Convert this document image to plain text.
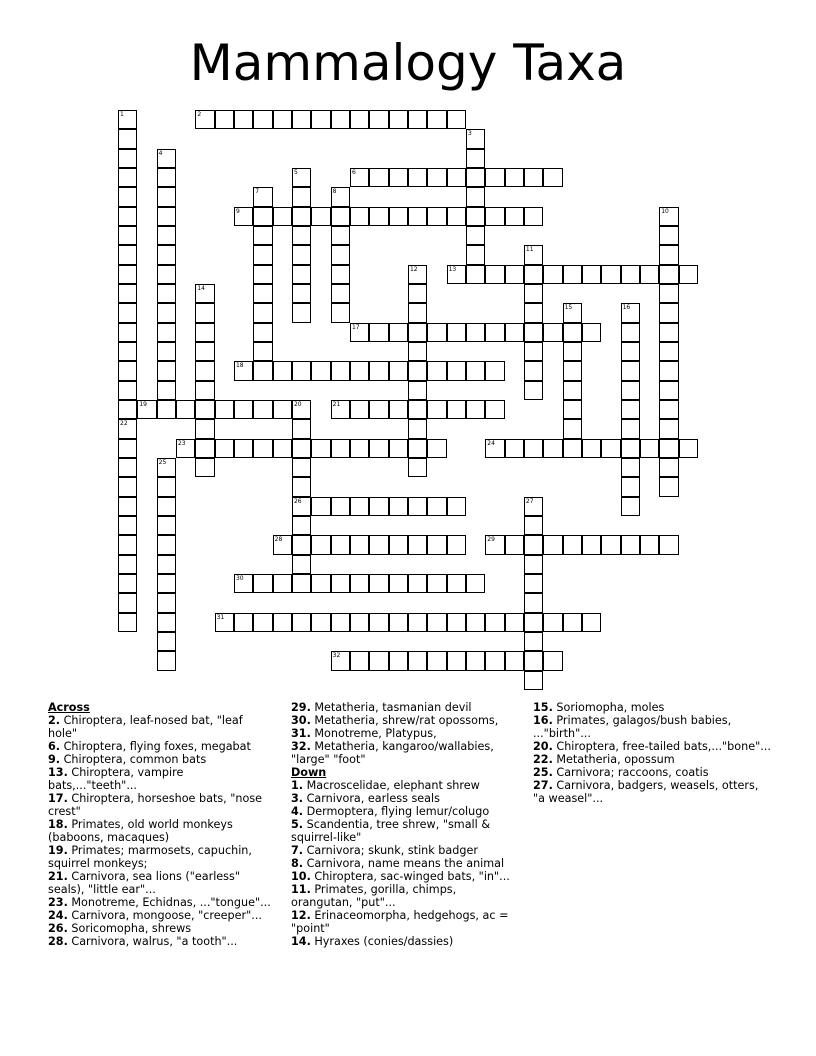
Mammalogy Taxa
1
22
2
3
4
5	6
7	8
9	10
11
12	13
14
15	16
17
18
19	20
26
21
23	24
25
27
28	29
30
31
32
Across
2. Chiroptera, leaf-nosed bat, "leaf hole"
6. Chiroptera, flying foxes, megabat
9. Chiroptera, common bats
13. Chiroptera, vampire bats,..."teeth"...
17. Chiroptera, horseshoe bats, "nose crest"
18. Primates, old world monkeys (baboons, macaques)
19. Primates; marmosets, capuchin, squirrel monkeys;
21. Carnivora, sea lions ("earless" seals), "little ear"...
23. Monotreme, Echidnas, ..."tongue"...
24. Carnivora, mongoose, "creeper"...
26. Soricomopha, shrews
28. Carnivora, walrus, "a tooth"...
29. Metatheria, tasmanian devil
30. Metatheria, shrew/rat opossoms,
31. Monotreme, Platypus,
32. Metatheria, kangaroo/wallabies, "large" "foot"
Down
1. Macroscelidae, elephant shrew
3. Carnivora, earless seals
4. Dermoptera, flying lemur/colugo
5. Scandentia, tree shrew, "small & squirrel-like"
7. Carnivora; skunk, stink badger
8. Carnivora, name means the animal
10. Chiroptera, sac-winged bats, "in"...
11. Primates, gorilla, chimps, orangutan, "put"...
12. Erinaceomorpha, hedgehogs, ac = "point"
14. Hyraxes (conies/dassies)
15. Soriomopha, moles
16. Primates, galagos/bush babies, ..."birth"...
20. Chiroptera, free-tailed bats,..."bone"...
22. Metatheria, opossum
25. Carnivora; raccoons, coatis
27. Carnivora, badgers, weasels, otters, "a weasel"...
